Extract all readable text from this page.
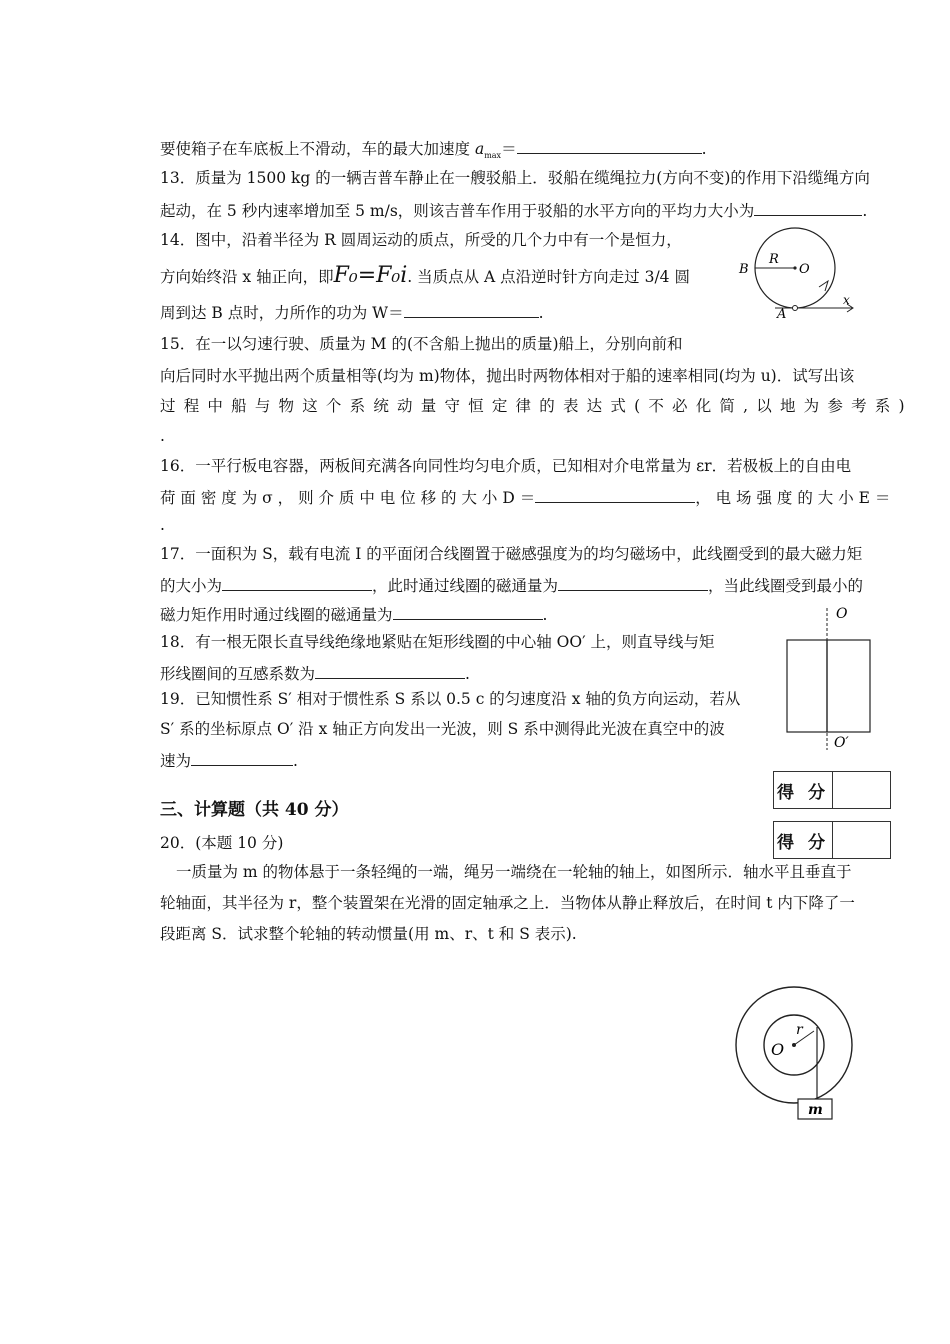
要使箱子在车底板上不滑动，车的最大加速度 $a_{max}=$	.
13．质量为 1500 kg 的一辆吉普车静止在一艘驳船上．驳船在缆绳拉力(方向不变)的作用下沿缆绳方向
起动，在 5 秒内速率增加至 5 m/s，则该吉普车作用于驳船的水平方向的平均力大小为	.
14．图中，沿着半径为 R 圆周运动的质点，所受的几个力中有一个是恒力，
方向始终沿 x 轴正向，即F₀=F₀i. 当质点从 A 点沿逆时针方向走过 3/4 圆
周到达 B 点时，力所作的功为 W＝	.
B
R
O
A
x
15．在一以匀速行驶、质量为 M 的(不含船上抛出的质量)船上，分别向前和
向后同时水平抛出两个质量相等(均为 m)物体，抛出时两物体相对于船的速率相同(均为 u)．试写出该
过 程 中 船 与 物 这 个 系 统 动 量 守 恒 定 律 的 表 达 式 ( 不 必 化 简 , 以 地 为 参 考 系 )
.
16．一平行板电容器，两板间充满各向同性均匀电介质，已知相对介电常量为 εr．若极板上的自由电
荷 面 密 度 为 σ ， 则 介 质 中 电 位 移 的 大 小 D ＝	， 电 场 强 度 的 大 小 E ＝
.
17．一面积为 S，载有电流 I 的平面闭合线圈置于磁感强度为的均匀磁场中，此线圈受到的最大磁力矩
的大小为	，此时通过线圈的磁通量为	，当此线圈受到最小的
磁力矩作用时通过线圈的磁通量为	.
18．有一根无限长直导线绝缘地紧贴在矩形线圈的中心轴 OO′ 上，则直导线与矩
形线圈间的互感系数为	.
O
O′
19．已知惯性系 S′ 相对于惯性系 S 系以 0.5 c 的匀速度沿 x 轴的负方向运动，若从
S′ 系的坐标原点 O′ 沿 x 轴正方向发出一光波，则 S 系中测得此光波在真空中的波
速为	.
得 分
得 分
三、计算题（共 40 分）
20．(本题 10 分)
一质量为 m 的物体悬于一条轻绳的一端，绳另一端绕在一轮轴的轴上，如图所示．轴水平且垂直于
轮轴面，其半径为 r，整个装置架在光滑的固定轴承之上．当物体从静止释放后，在时间 t 内下降了一
段距离 S．试求整个轮轴的转动惯量(用 m、r、t 和 S 表示).
r
O
m
